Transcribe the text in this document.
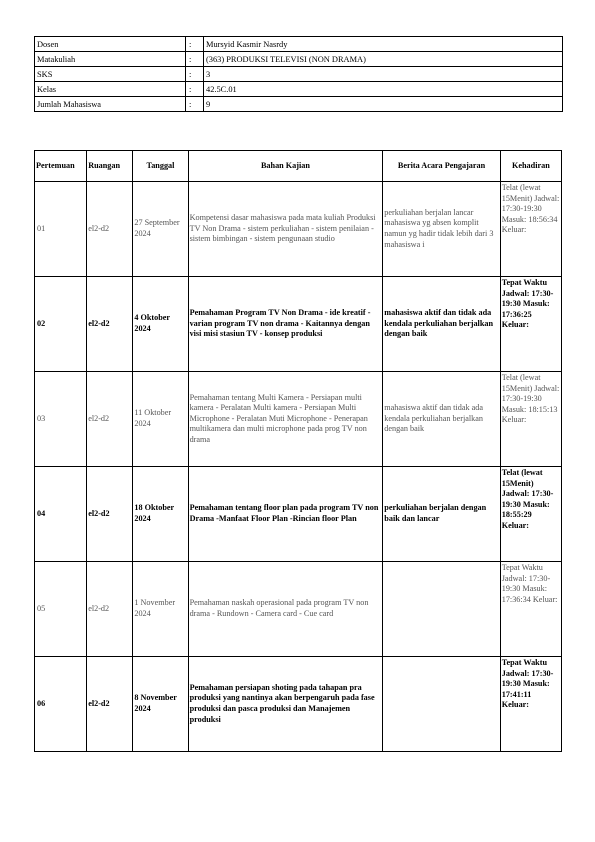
Dosen	:	Mursyid Kasmir Nasrdy
Matakuliah	:	(363) PRODUKSI TELEVISI (NON DRAMA)
SKS	:	3
Kelas	:	42.5C.01
Jumlah Mahasiswa	:	9
Pertemuan	Ruangan	Tanggal	Bahan Kajian	Berita Acara Pengajaran	Kehadiran
01	el2-d2	27 September 2024	Kompetensi dasar mahasiswa pada mata kuliah Produksi TV Non Drama - sistem perkuliahan - sistem penilaian - sistem bimbingan - sistem pengunaan studio	perkuliahan berjalan lancar mahasiswa yg absen komplit namun yg hadir tidak lebih dari 3 mahasiswa i	Telat (lewat 15Menit) Jadwal: 17:30-19:30 Masuk: 18:56:34 Keluar:
02	el2-d2	4 Oktober 2024	Pemahaman Program TV Non Drama - ide kreatif - varian program TV non drama - Kaitannya dengan visi misi stasiun TV - konsep produksi	mahasiswa aktif dan tidak ada kendala perkuliahan berjalkan dengan baik	Tepat Waktu Jadwal: 17:30-19:30 Masuk: 17:36:25 Keluar:
03	el2-d2	11 Oktober 2024	Pemahaman tentang Multi Kamera - Persiapan multi kamera - Peralatan Multi kamera - Persiapan Multi Microphone - Peralatan Muti Microphone - Penerapan multikamera dan multi microphone pada prog TV non drama	mahasiswa aktif dan tidak ada kendala perkuliahan berjalkan dengan baik	Telat (lewat 15Menit) Jadwal: 17:30-19:30 Masuk: 18:15:13 Keluar:
04	el2-d2	18 Oktober 2024	Pemahaman tentang floor plan pada program TV non Drama -Manfaat Floor Plan -Rincian floor Plan	perkuliahan berjalan dengan baik dan lancar	Telat (lewat 15Menit) Jadwal: 17:30-19:30 Masuk: 18:55:29 Keluar:
05	el2-d2	1 November 2024	Pemahaman naskah operasional pada program TV non drama - Rundown - Camera card - Cue card		Tepat Waktu Jadwal: 17:30-19:30 Masuk: 17:36:34 Keluar:
06	el2-d2	8 November 2024	Pemahaman persiapan shoting pada tahapan pra produksi yang nantinya akan berpengaruh pada fase produksi dan pasca produksi dan Manajemen produksi		Tepat Waktu Jadwal: 17:30-19:30 Masuk: 17:41:11 Keluar:
